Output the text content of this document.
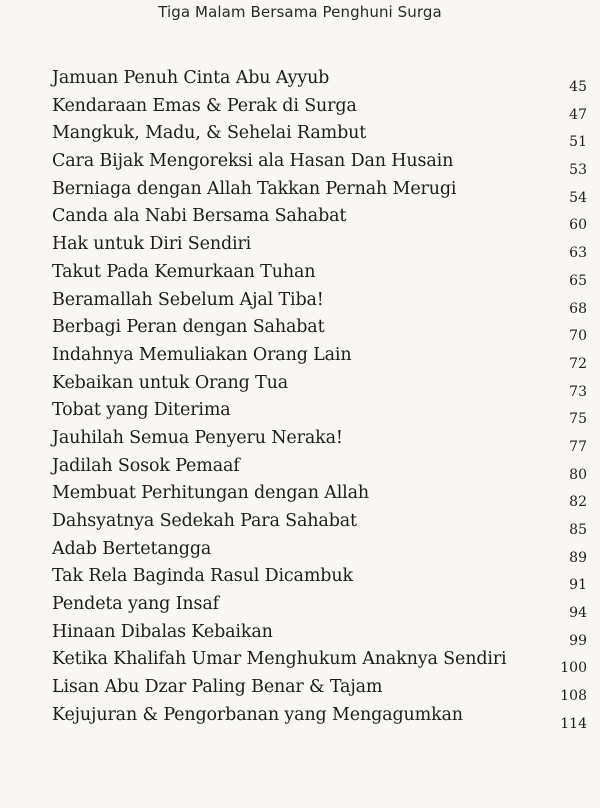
Tiga Malam Bersama Penghuni Surga
Jamuan Penuh Cinta Abu Ayyub	45
Kendaraan Emas & Perak di Surga	47
Mangkuk, Madu, & Sehelai Rambut	51
Cara Bijak Mengoreksi ala Hasan Dan Husain	53
Berniaga dengan Allah Takkan Pernah Merugi	54
Canda ala Nabi Bersama Sahabat	60
Hak untuk Diri Sendiri	63
Takut Pada Kemurkaan Tuhan	65
Beramallah Sebelum Ajal Tiba!	68
Berbagi Peran dengan Sahabat	70
Indahnya Memuliakan Orang Lain	72
Kebaikan untuk Orang Tua	73
Tobat yang Diterima	75
Jauhilah Semua Penyeru Neraka!	77
Jadilah Sosok Pemaaf	80
Membuat Perhitungan dengan Allah	82
Dahsyatnya Sedekah Para Sahabat	85
Adab Bertetangga	89
Tak Rela Baginda Rasul Dicambuk	91
Pendeta yang Insaf	94
Hinaan Dibalas Kebaikan	99
Ketika Khalifah Umar Menghukum Anaknya Sendiri	100
Lisan Abu Dzar Paling Benar & Tajam	108
Kejujuran & Pengorbanan yang Mengagumkan	114
